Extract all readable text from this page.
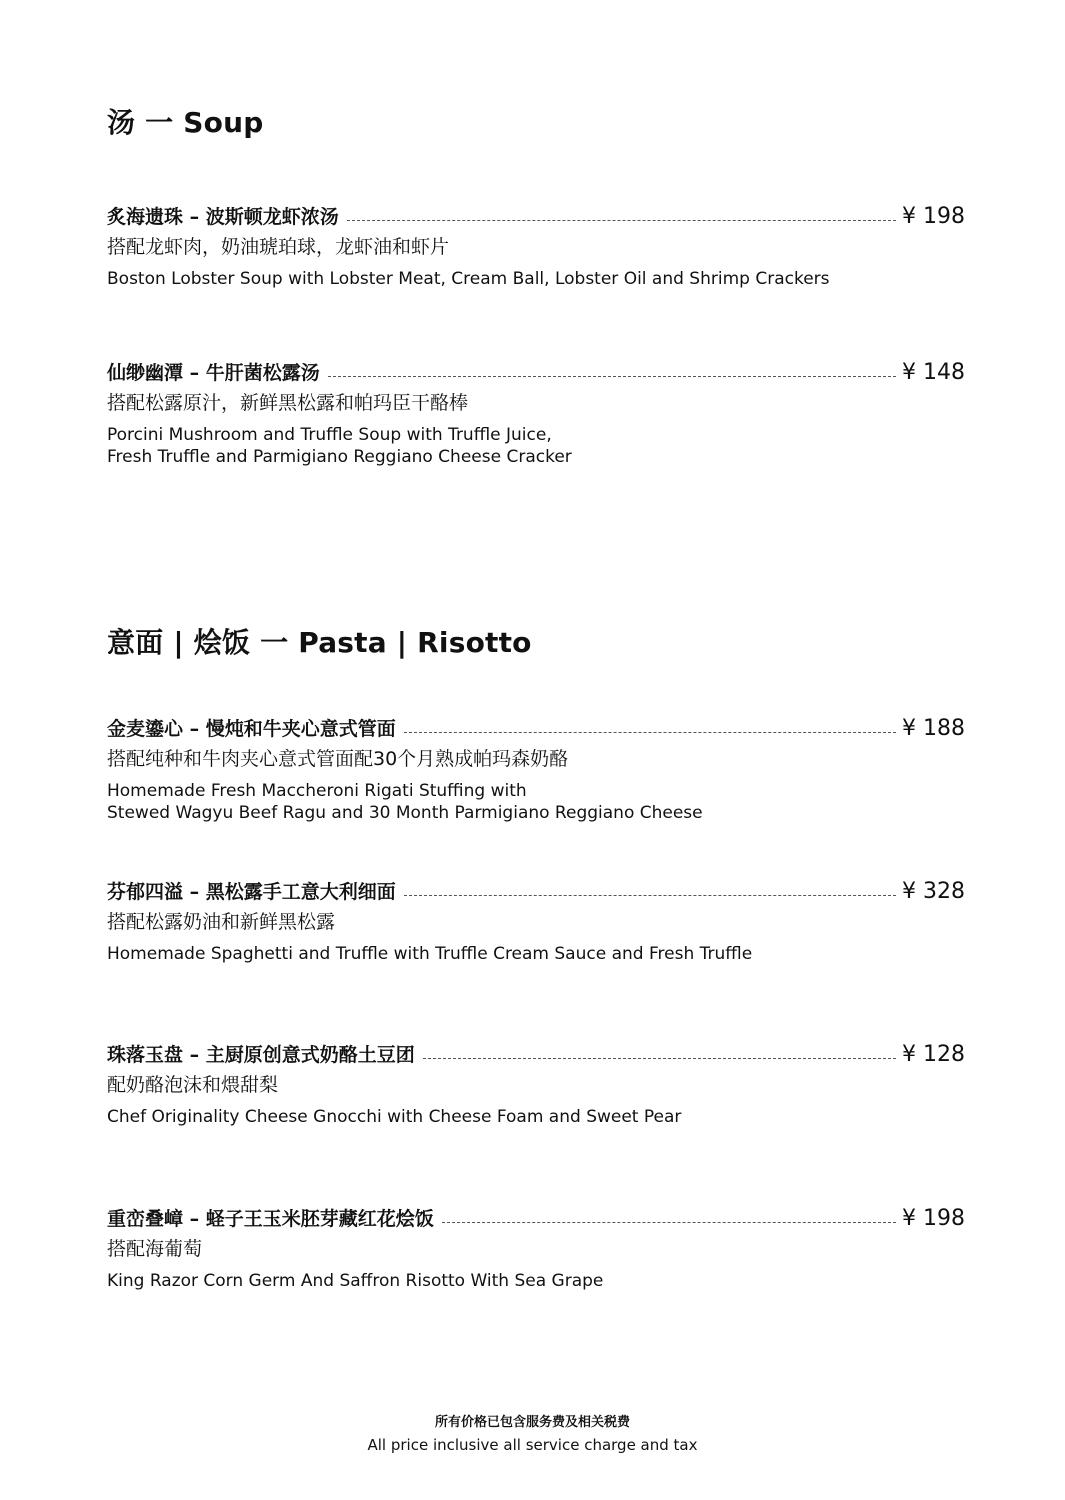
汤 一 Soup
炙海遗珠 – 波斯顿龙虾浓汤	¥ 198
搭配龙虾肉，奶油琥珀球，龙虾油和虾片
Boston Lobster Soup with Lobster Meat, Cream Ball, Lobster Oil and Shrimp Crackers
仙缈幽潭 – 牛肝菌松露汤	¥ 148
搭配松露原汁，新鲜黑松露和帕玛臣干酪棒
Porcini Mushroom and Truffle Soup with Truffle Juice,
Fresh Truffle and Parmigiano Reggiano Cheese Cracker
意面 | 烩饭 一 Pasta | Risotto
金麦鎏心 – 慢炖和牛夹心意式管面	¥ 188
搭配纯种和牛肉夹心意式管面配30个月熟成帕玛森奶酪
Homemade Fresh Maccheroni Rigati Stuffing with
Stewed Wagyu Beef Ragu and 30 Month Parmigiano Reggiano Cheese
芬郁四溢 – 黑松露手工意大利细面	¥ 328
搭配松露奶油和新鲜黑松露
Homemade Spaghetti and Truffle with Truffle Cream Sauce and Fresh Truffle
珠落玉盘 – 主厨原创意式奶酪土豆团	¥ 128
配奶酪泡沫和煨甜梨
Chef Originality Cheese Gnocchi with Cheese Foam and Sweet Pear
重峦叠嶂 – 蛏子王玉米胚芽藏红花烩饭	¥ 198
搭配海葡萄
King Razor Corn Germ And Saffron Risotto With Sea Grape
所有价格已包含服务费及相关税费
All price inclusive all service charge and tax
